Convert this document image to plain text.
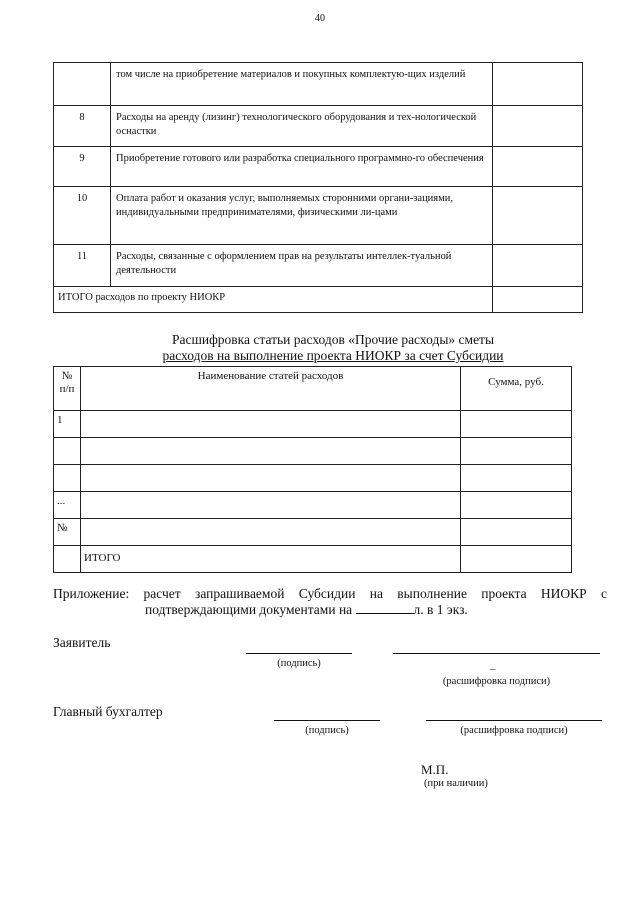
40
	том числе на приобретение материалов и покупных комплектую-щих изделий	
8	Расходы на аренду (лизинг) технологического оборудования и тех-нологической оснастки	
9	Приобретение готового или разработка специального программно-го обеспечения	
10	Оплата работ и оказания услуг, выполняемых сторонними органи-зациями, индивидуальными предпринимателями, физическими ли-цами	
11	Расходы, связанные с оформлением прав на результаты интеллек-туальной деятельности	
ИТОГО расходов по проекту НИОКР		
Расшифровка статьи расходов «Прочие расходы» сметы
расходов на выполнение проекта НИОКР за счет Субсидии
№ п/п	Наименование статей расходов	Сумма, руб.
1		

...		
№		
	ИТОГО	
Приложение: расчет запрашиваемой Субсидии на выполнение проекта НИОКР с
подтверждающими документами на	л. в 1 экз.
Заявитель
(подпись)	_
(расшифровка подписи)
Главный бухгалтер
(подпись)	(расшифровка подписи)
М.П.
(при наличии)
